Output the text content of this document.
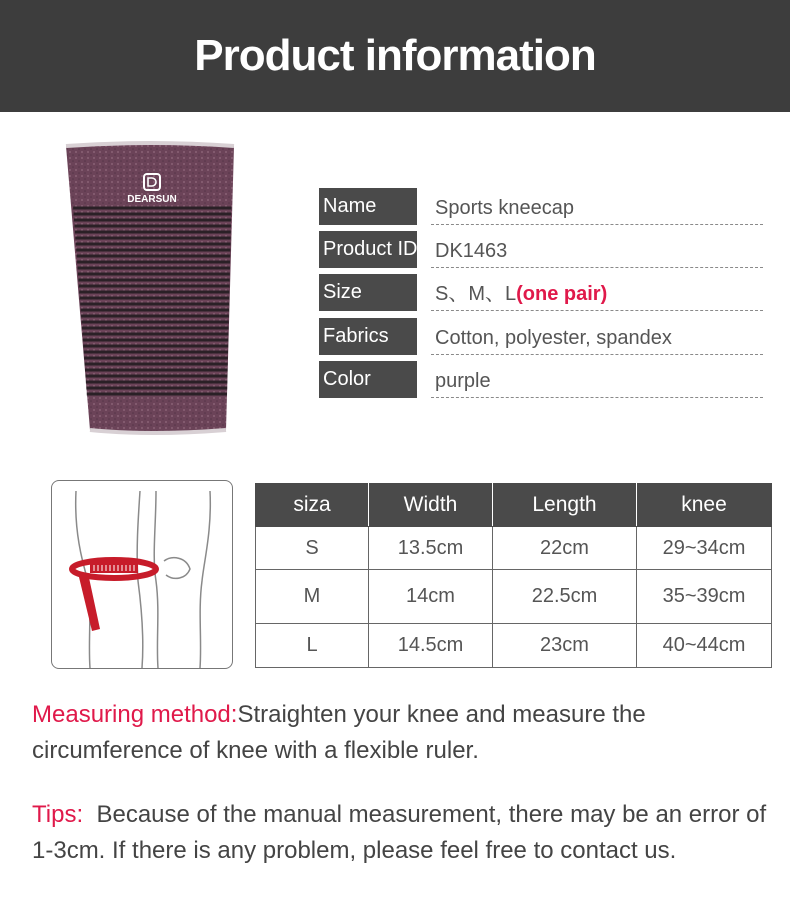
Product information
DEARSUN	Name	Sports kneecap
Product ID DK1463
Size	S、M、L(one pair)
Fabrics	Cotton, polyester, spandex
Color	purple
siza	Width	Length	knee
S	13.5cm	22cm	29~34cm
M	14cm	22.5cm	35~39cm
L	14.5cm	23cm	40~44cm
Measuring method:Straighten your knee and measure the circumference of knee with a flexible ruler.
Tips: Because of the manual measurement, there may be an error of 1-3cm. If there is any problem, please feel free to contact us.
